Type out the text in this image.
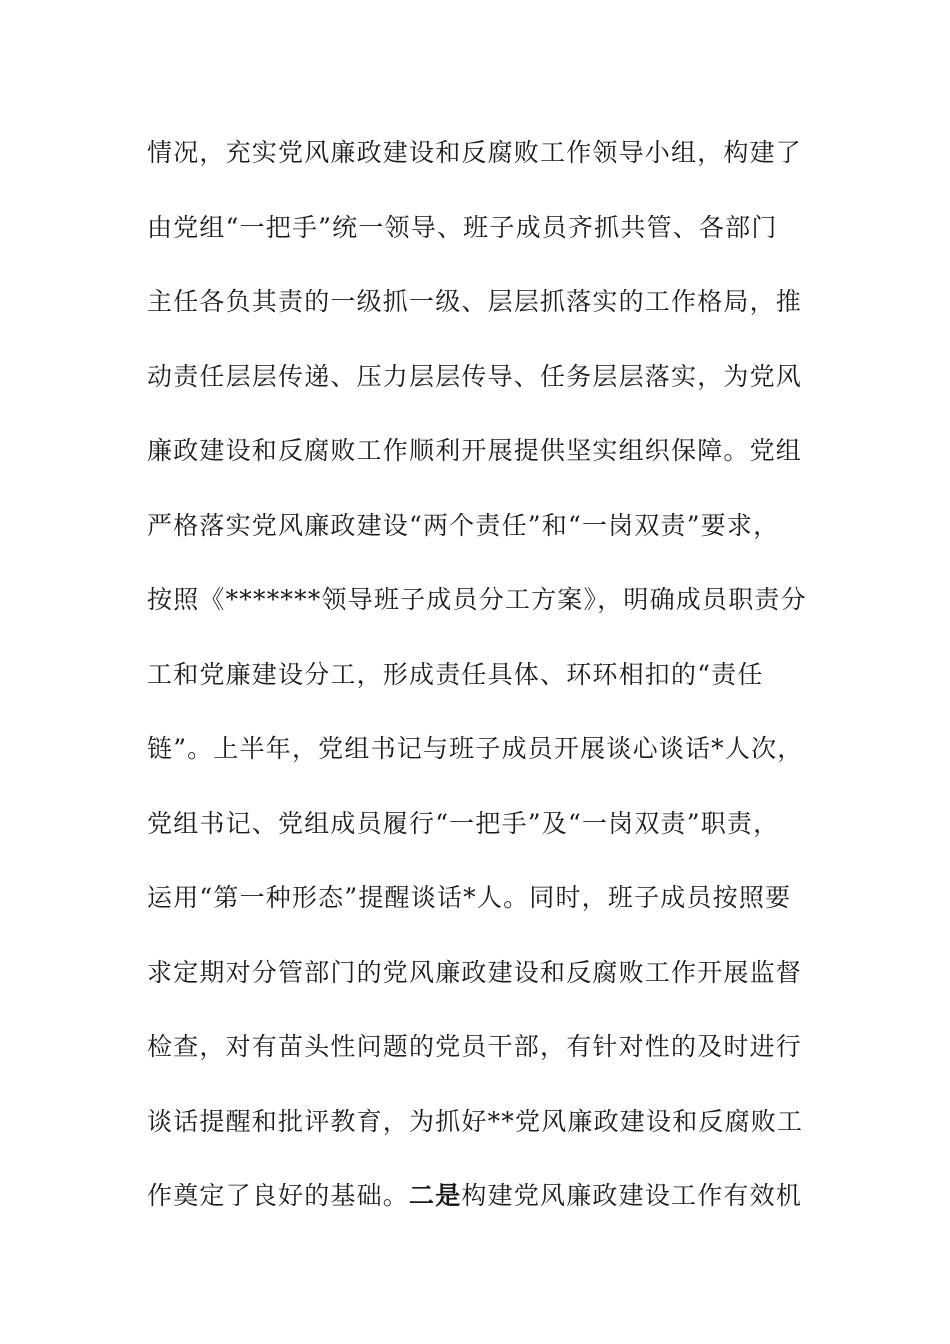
情况，充实党风廉政建设和反腐败工作领导小组，构建了
由党组“一把手”统一领导、班子成员齐抓共管、各部门
主任各负其责的一级抓一级、层层抓落实的工作格局，推
动责任层层传递、压力层层传导、任务层层落实，为党风
廉政建设和反腐败工作顺利开展提供坚实组织保障。党组
严格落实党风廉政建设“两个责任”和“一岗双责”要求，
按照《*******领导班子成员分工方案》，明确成员职责分
工和党廉建设分工，形成责任具体、环环相扣的“责任
链”。上半年，党组书记与班子成员开展谈心谈话*人次，
党组书记、党组成员履行“一把手”及“一岗双责”职责，
运用“第一种形态”提醒谈话*人。同时，班子成员按照要
求定期对分管部门的党风廉政建设和反腐败工作开展监督
检查，对有苗头性问题的党员干部，有针对性的及时进行
谈话提醒和批评教育，为抓好**党风廉政建设和反腐败工
作奠定了良好的基础。二是构建党风廉政建设工作有效机
